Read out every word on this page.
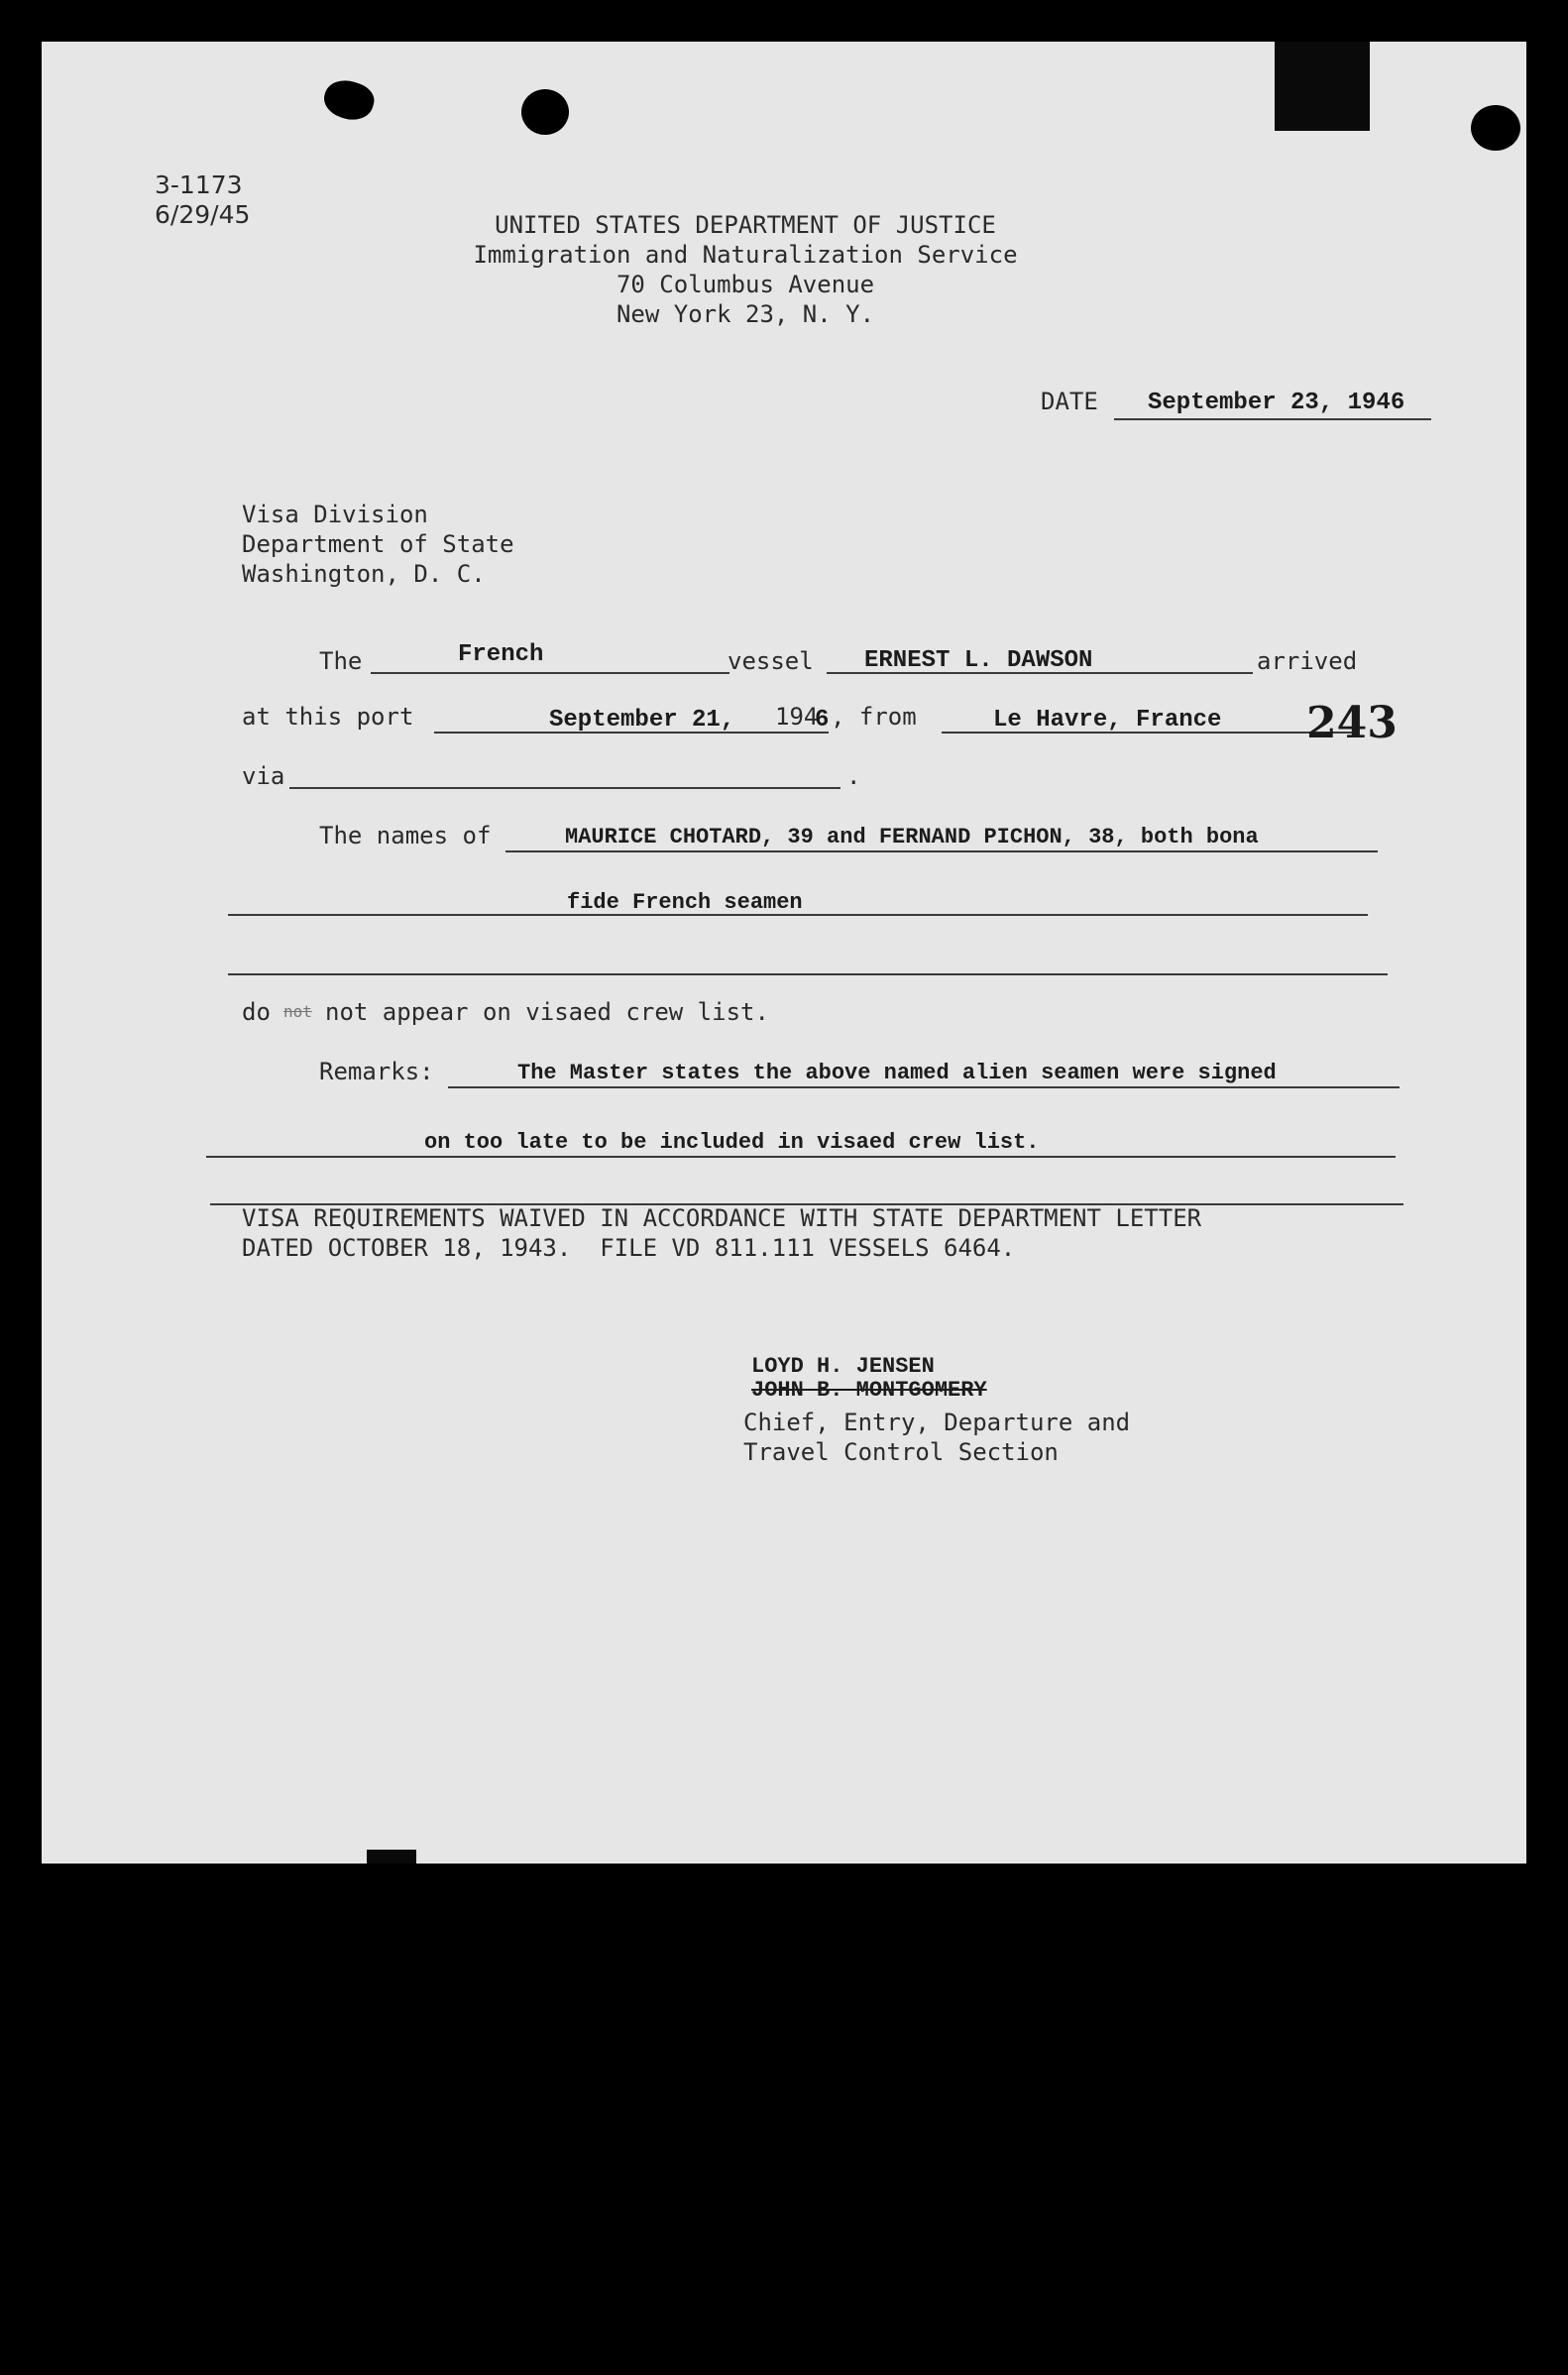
3-1173
6/29/45	UNITED STATES DEPARTMENT OF JUSTICE
Immigration and Naturalization Service
70 Columbus Avenue
New York 23, N. Y.
DATE September 23, 1946
Visa Division
Department of State
Washington, D. C.
The	French	vessel ERNEST L. DAWSON	arrived
at this port	September 21, 194
6 , from	Le Havre, France 243
via	.
The names of	MAURICE CHOTARD, 39 and FERNAND PICHON, 38, both bona
fide French seamen
do
not not appear on visaed crew list.
Remarks:	The Master states the above named alien seamen were signed
on too late to be included in visaed crew list.
VISA REQUIREMENTS WAIVED IN ACCORDANCE WITH STATE DEPARTMENT LETTER
DATED OCTOBER 18, 1943.  FILE VD 811.111 VESSELS 6464.
LOYD H. JENSEN
JOHN B. MONTGOMERY
Chief, Entry, Departure and
Travel Control Section
